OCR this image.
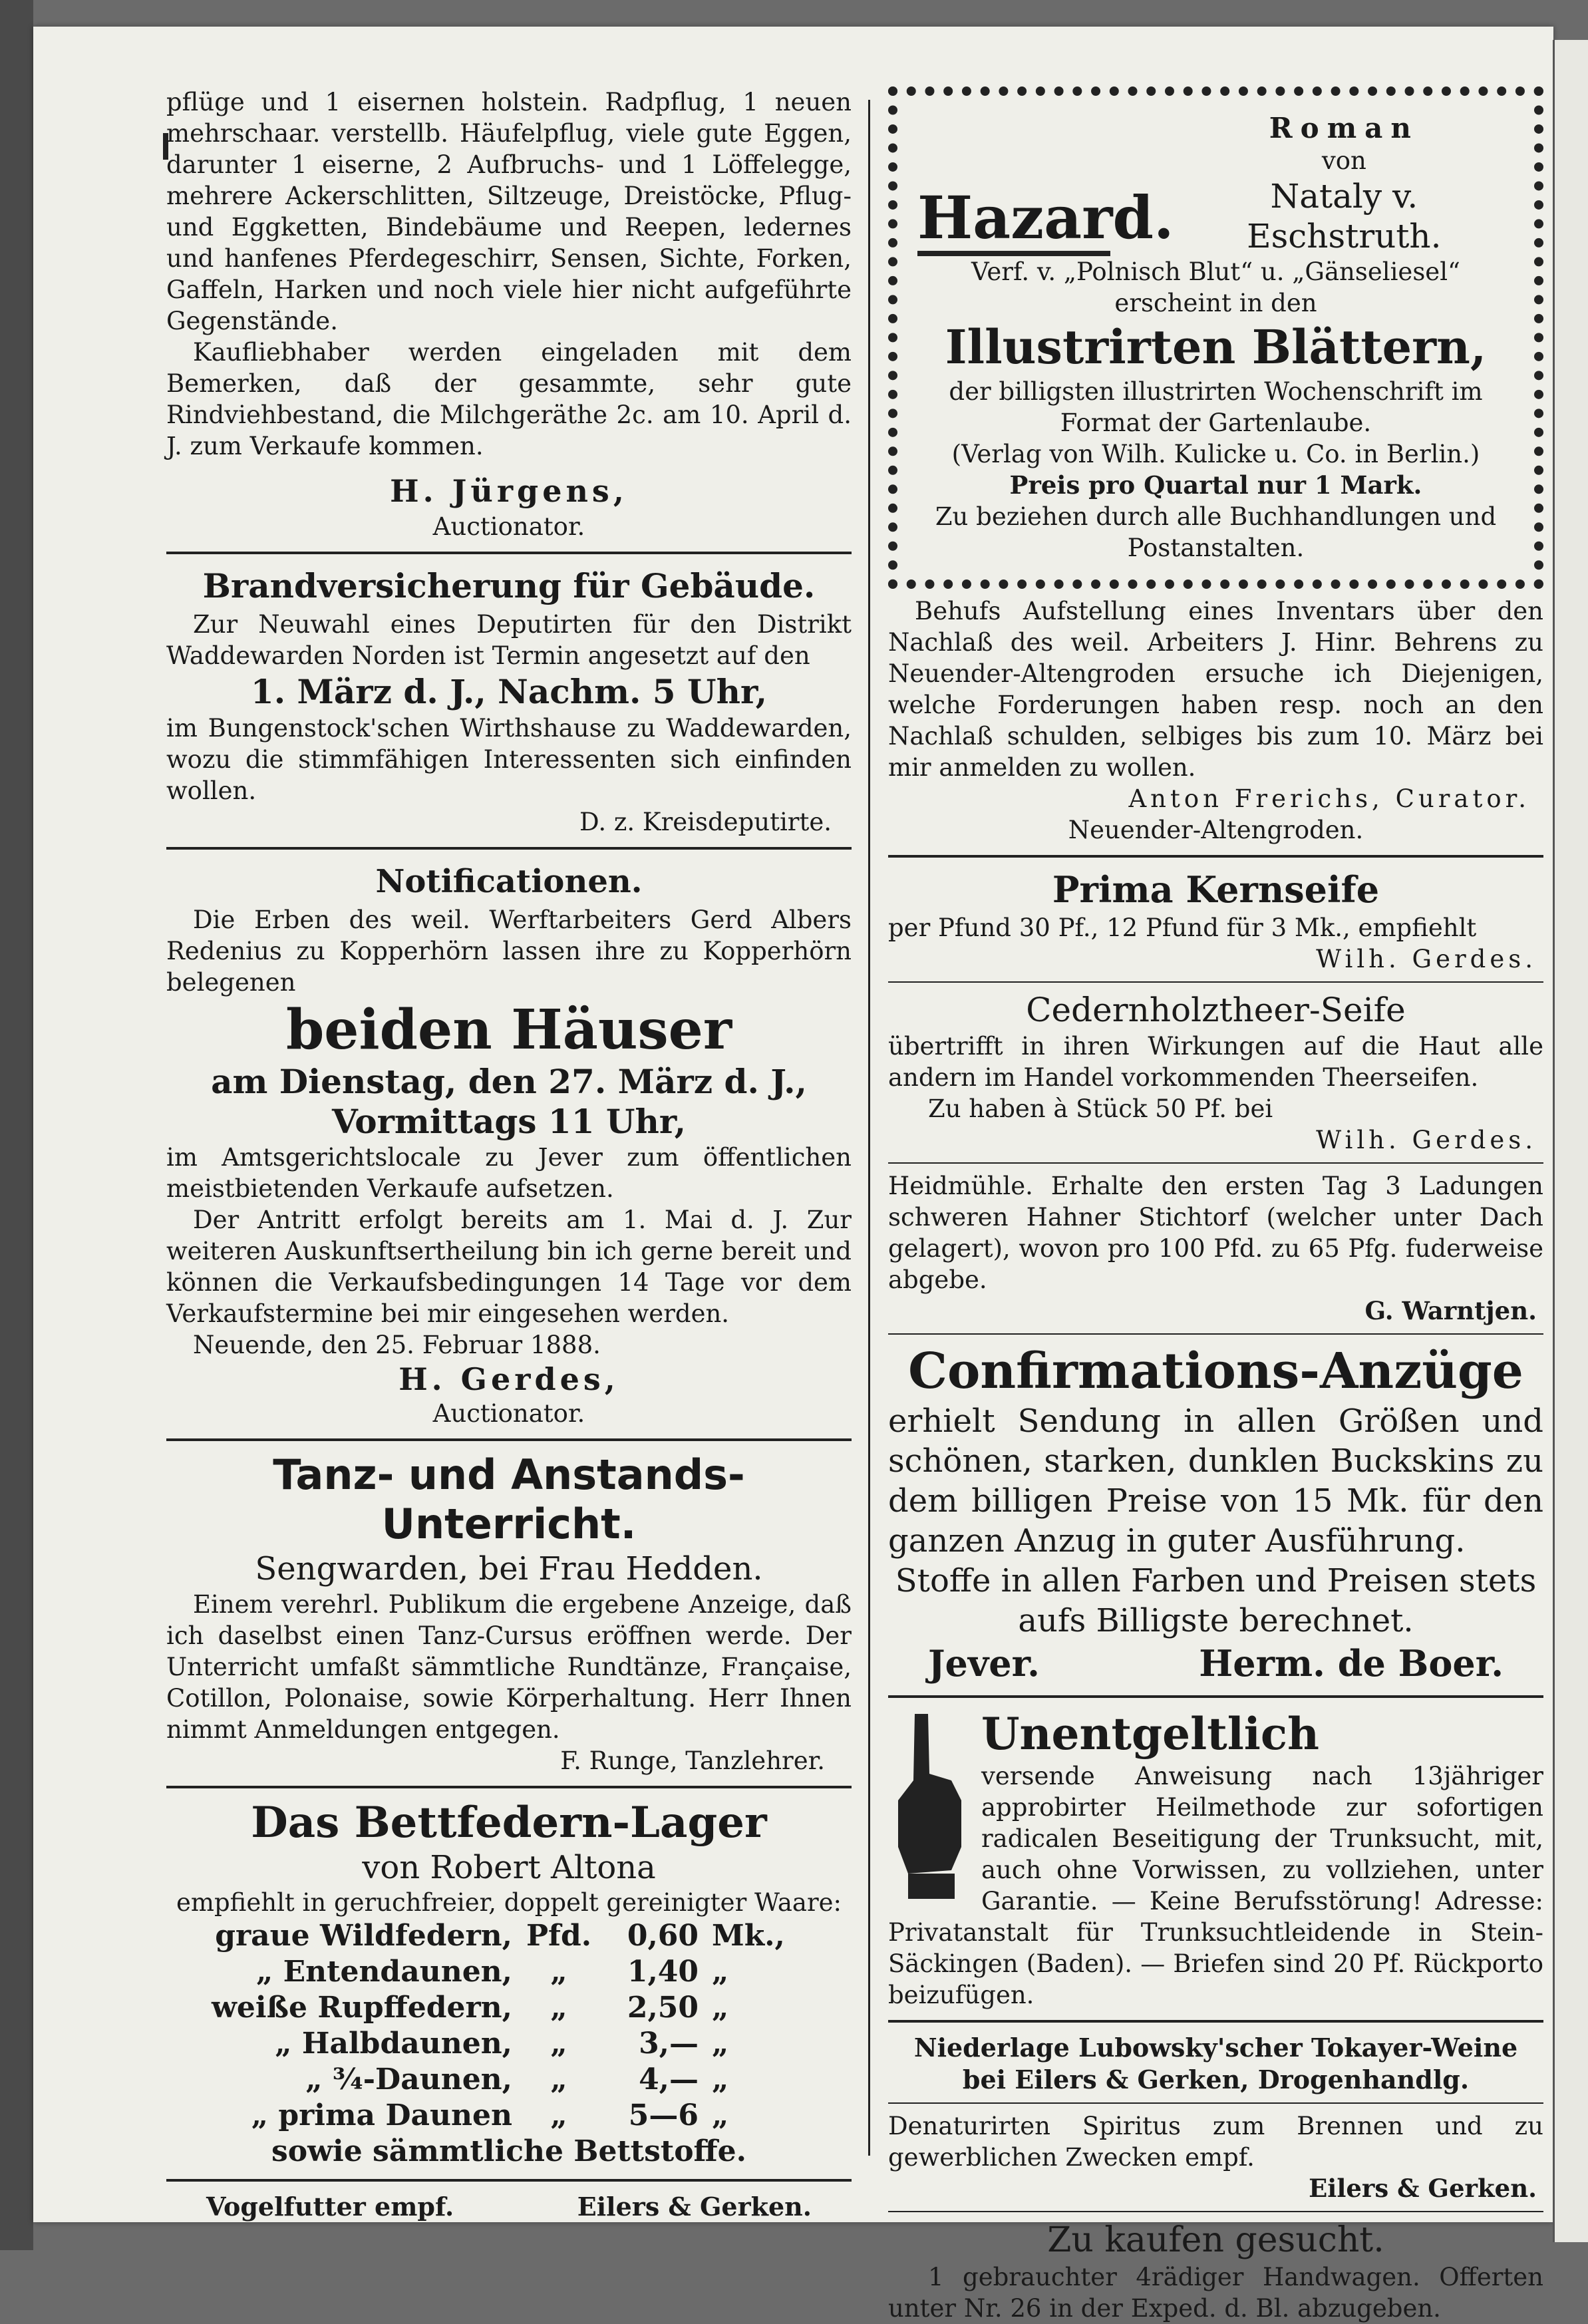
pflüge und 1 eisernen holstein. Radpflug, 1 neuen mehrschaar. verstellb. Häufelpflug, viele gute Eggen, darunter 1 eiserne, 2 Aufbruchs- und 1 Löffelegge, mehrere Ackerschlitten, Siltzeuge, Dreistöcke, Pflug- und Eggketten, Bindebäume und Reepen, ledernes und hanfenes Pferdegeschirr, Sensen, Sichte, Forken, Gaffeln, Harken und noch viele hier nicht aufgeführte Gegenstände.

Kaufliebhaber werden eingeladen mit dem Bemerken, daß der gesammte, sehr gute Rindviehbestand, die Milchgeräthe 2c. am 10. April d. J. zum Verkaufe kommen.

H. Jürgens,
Auctionator.
Brandversicherung für Gebäude.

Zur Neuwahl eines Deputirten für den Distrikt Waddewarden Norden ist Termin angesetzt auf den

1. März d. J., Nachm. 5 Uhr,

im Bungenstock'schen Wirthshause zu Waddewarden, wozu die stimmfähigen Interessenten sich einfinden wollen.

D. z. Kreisdeputirte.
Notificationen.

Die Erben des weil. Werftarbeiters Gerd Albers Redenius zu Kopperhörn lassen ihre zu Kopperhörn belegenen

beiden Häuser
am Dienstag, den 27. März d. J.,
Vormittags 11 Uhr,

im Amtsgerichtslocale zu Jever zum öffentlichen meistbietenden Verkaufe aufsetzen.

Der Antritt erfolgt bereits am 1. Mai d. J. Zur weiteren Auskunftsertheilung bin ich gerne bereit und können die Verkaufsbedingungen 14 Tage vor dem Verkaufstermine bei mir eingesehen werden.

Neuende, den 25. Februar 1888.

H. Gerdes,
Auctionator.
Tanz- und Anstands-
Unterricht.
Sengwarden, bei Frau Hedden.

Einem verehrl. Publikum die ergebene Anzeige, daß ich daselbst einen Tanz-Cursus eröffnen werde. Der Unterricht umfaßt sämmtliche Rundtänze, Française, Cotillon, Polonaise, sowie Körperhaltung. Herr Ihnen nimmt Anmeldungen entgegen.

F. Runge, Tanzlehrer.
Das Bettfedern-Lager
von Robert Altona

empfiehlt in geruchfreier, doppelt gereinigter Waare:

graue Wildfedern, Pfd.	0,60 Mk.,
„ Entendaunen,	„	1,40 „
weiße Rupffedern,	„	2,50 „
„ Halbdaunen,	„	3,— „
„ ¾-Daunen,	„	4,— „
„ prima Daunen	„	5—6 „
sowie sämmtliche Bettstoffe.
Vogelfutter empf.	Eilers & Gerken.
Hazard.
Roman
von
Nataly v. Eschstruth.
Verf. v. „Polnisch Blut“ u. „Gänseliesel“
erscheint in den
Illustrirten Blättern,
der billigsten illustrirten Wochenschrift im Format der Gartenlaube.
(Verlag von Wilh. Kulicke u. Co. in Berlin.)
Preis pro Quartal nur 1 Mark.
Zu beziehen durch alle Buchhandlungen und Postanstalten.

Behufs Aufstellung eines Inventars über den Nachlaß des weil. Arbeiters J. Hinr. Behrens zu Neuender-Altengroden ersuche ich Diejenigen, welche Forderungen haben resp. noch an den Nachlaß schulden, selbiges bis zum 10. März bei mir anmelden zu wollen.

Anton Frerichs, Curator.
Neuender-Altengroden.
Prima Kernseife

per Pfund 30 Pf., 12 Pfund für 3 Mk., empfiehlt

Wilh. Gerdes.
Cedernholztheer-Seife

übertrifft in ihren Wirkungen auf die Haut alle andern im Handel vorkommenden Theerseifen.

Zu haben à Stück 50 Pf. bei

Wilh. Gerdes.

Heidmühle. Erhalte den ersten Tag 3 Ladungen schweren Hahner Stichtorf (welcher unter Dach gelagert), wovon pro 100 Pfd. zu 65 Pfg. fuderweise abgebe.

G. Warntjen.
Confirmations-Anzüge

erhielt Sendung in allen Größen und schönen, starken, dunklen Buckskins zu dem billigen Preise von 15 Mk. für den ganzen Anzug in guter Ausführung.

Stoffe in allen Farben und Preisen stets aufs Billigste berechnet.

Jever.	Herm. de Boer.
Unentgeltlich

versende Anweisung nach 13jähriger approbirter Heilmethode zur sofortigen radicalen Beseitigung der Trunksucht, mit, auch ohne Vorwissen, zu vollziehen, unter Garantie. — Keine Berufsstörung! Adresse: Privatanstalt für Trunksuchtleidende in Stein-Säckingen (Baden). — Briefen sind 20 Pf. Rückporto beizufügen.

Niederlage Lubowsky'scher Tokayer-Weine
bei Eilers & Gerken, Drogenhandlg.

Denaturirten Spiritus zum Brennen und zu gewerblichen Zwecken empf.

Eilers & Gerken.
Zu kaufen gesucht.

1 gebrauchter 4rädiger Handwagen. Offerten unter Nr. 26 in der Exped. d. Bl. abzugeben.
